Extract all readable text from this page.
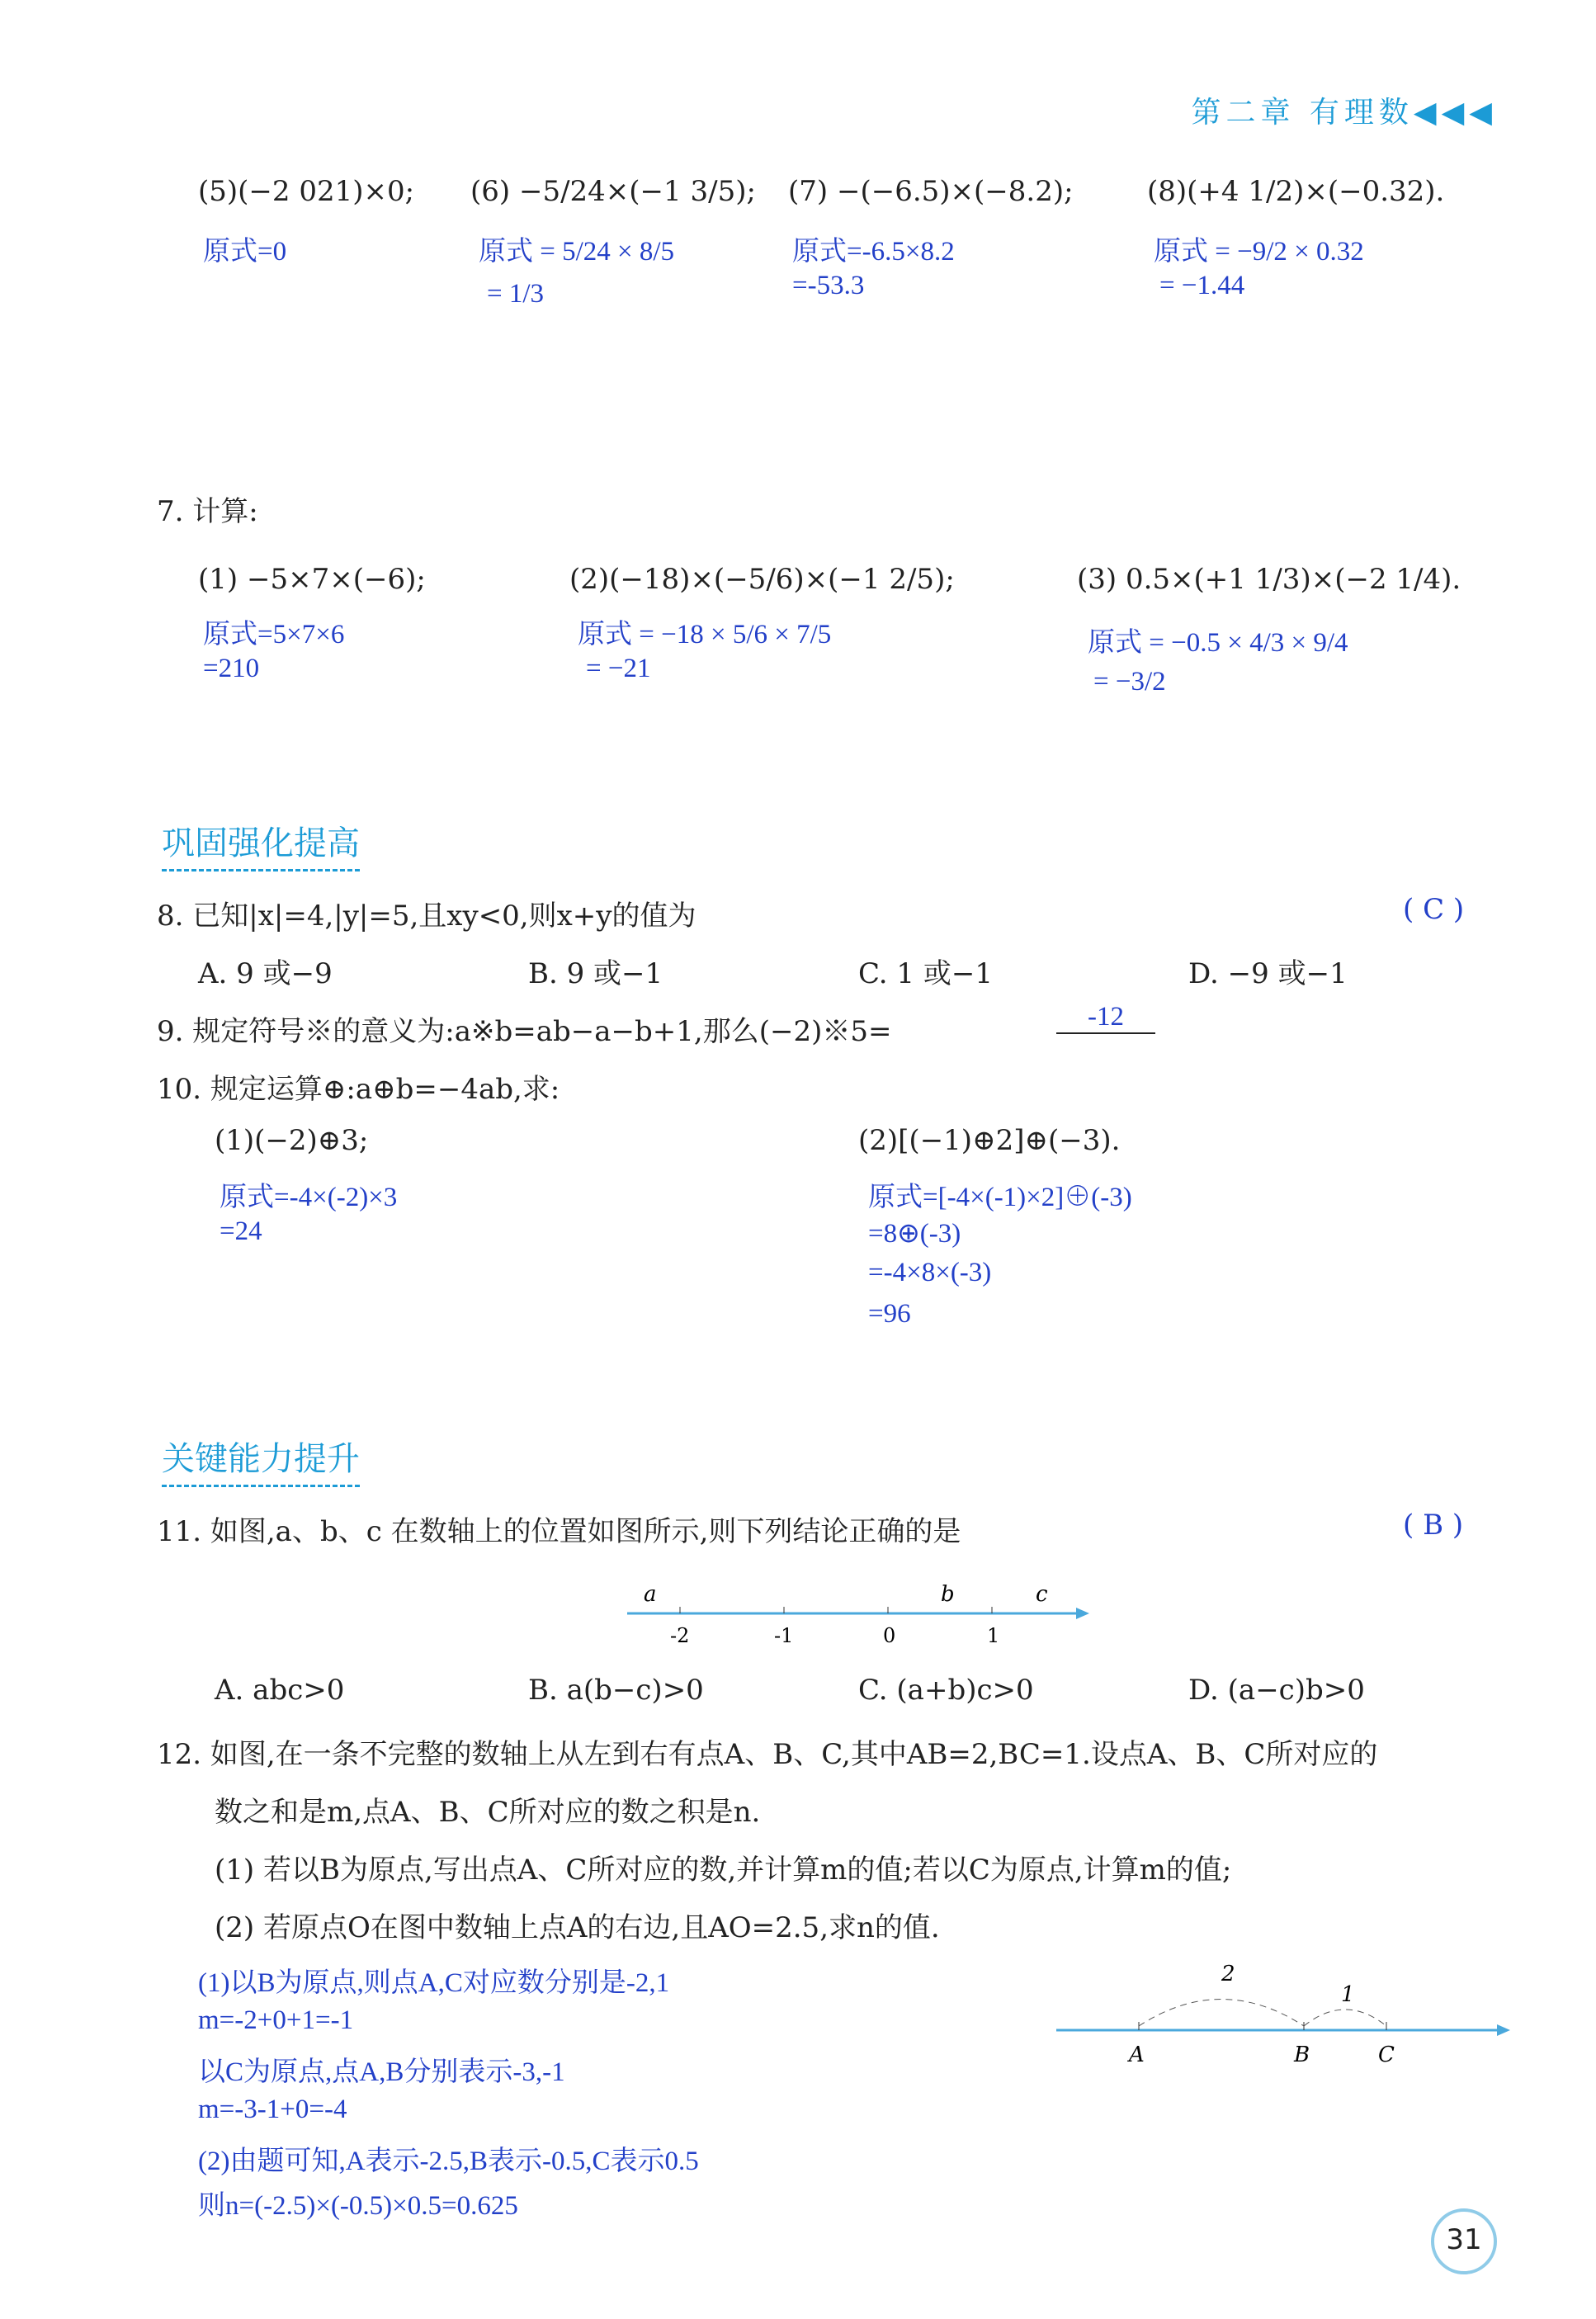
第二章 有理数◀◀◀
(5)(−2 021)×0; (6) −5/24×(−1 3/5); (7) −(−6.5)×(−8.2);	(8)(+4 1/2)×(−0.32).
原式=0	原式 = 5/24 × 8/5
= 1/3
原式=-6.5×8.2
=-53.3
原式 = −9/2 × 0.32
= −1.44
7. 计算:
(1) −5×7×(−6);	(2)(−18)×(−5/6)×(−1 2/5);	(3) 0.5×(+1 1/3)×(−2 1/4).
原式=5×7×6
=210
原式 = −18 × 5/6 × 7/5
= −21
原式 = −0.5 × 4/3 × 9/4
= −3/2
巩固强化提高
8. 已知|x|=4,|y|=5,且xy<0,则x+y的值为	( C )
A. 9 或−9	B. 9 或−1	C. 1 或−1	D. −9 或−1
9. 规定符号※的意义为:a※b=ab−a−b+1,那么(−2)※5=	-12
10. 规定运算⊕:a⊕b=−4ab,求:
(1)(−2)⊕3;	(2)[(−1)⊕2]⊕(−3).
原式=-4×(-2)×3
=24
原式=[-4×(-1)×2]⊕(-3)
=8⊕(-3)
=-4×8×(-3)
=96
关键能力提升
11. 如图,a、b、c 在数轴上的位置如图所示,则下列结论正确的是	( B )
a	b	c
-2	-1	0	1
A. abc>0	B. a(b−c)>0	C. (a+b)c>0	D. (a−c)b>0
12. 如图,在一条不完整的数轴上从左到右有点A、B、C,其中AB=2,BC=1.设点A、B、C所对应的
数之和是m,点A、B、C所对应的数之积是n.
(1) 若以B为原点,写出点A、C所对应的数,并计算m的值;若以C为原点,计算m的值;
(2) 若原点O在图中数轴上点A的右边,且AO=2.5,求n的值.
(1)以B为原点,则点A,C对应数分别是-2,1
m=-2+0+1=-1
以C为原点,点A,B分别表示-3,-1
m=-3-1+0=-4
(2)由题可知,A表示-2.5,B表示-0.5,C表示0.5
则n=(-2.5)×(-0.5)×0.5=0.625
2
1
A	B	C
31
